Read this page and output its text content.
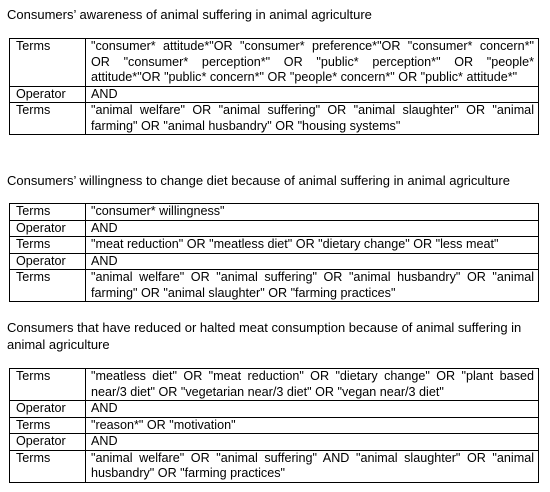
Consumers’ awareness of animal suffering in animal agriculture
Terms	"consumer* attitude*"OR "consumer* preference*"OR "consumer* concern*" OR "consumer* perception*" OR "public* perception*" OR "people* attitude*"OR "public* concern*" OR "people* concern*" OR "public* attitude*"
Operator	AND
Terms	"animal welfare" OR "animal suffering" OR "animal slaughter" OR "animal farming" OR "animal husbandry" OR "housing systems"
Consumers’ willingness to change diet because of animal suffering in animal agriculture
Terms	"consumer* willingness"
Operator	AND
Terms	"meat reduction" OR "meatless diet" OR "dietary change" OR "less meat"
Operator	AND
Terms	"animal welfare" OR "animal suffering" OR "animal husbandry" OR "animal farming" OR "animal slaughter" OR "farming practices"
Consumers that have reduced or halted meat consumption because of animal suffering in animal agriculture
Terms	"meatless diet" OR "meat reduction" OR "dietary change" OR "plant based near/3 diet" OR "vegetarian near/3 diet" OR "vegan near/3 diet"
Operator	AND
Terms	"reason*" OR "motivation"
Operator	AND
Terms	"animal welfare" OR "animal suffering" AND "animal slaughter" OR "animal husbandry" OR "farming practices"
